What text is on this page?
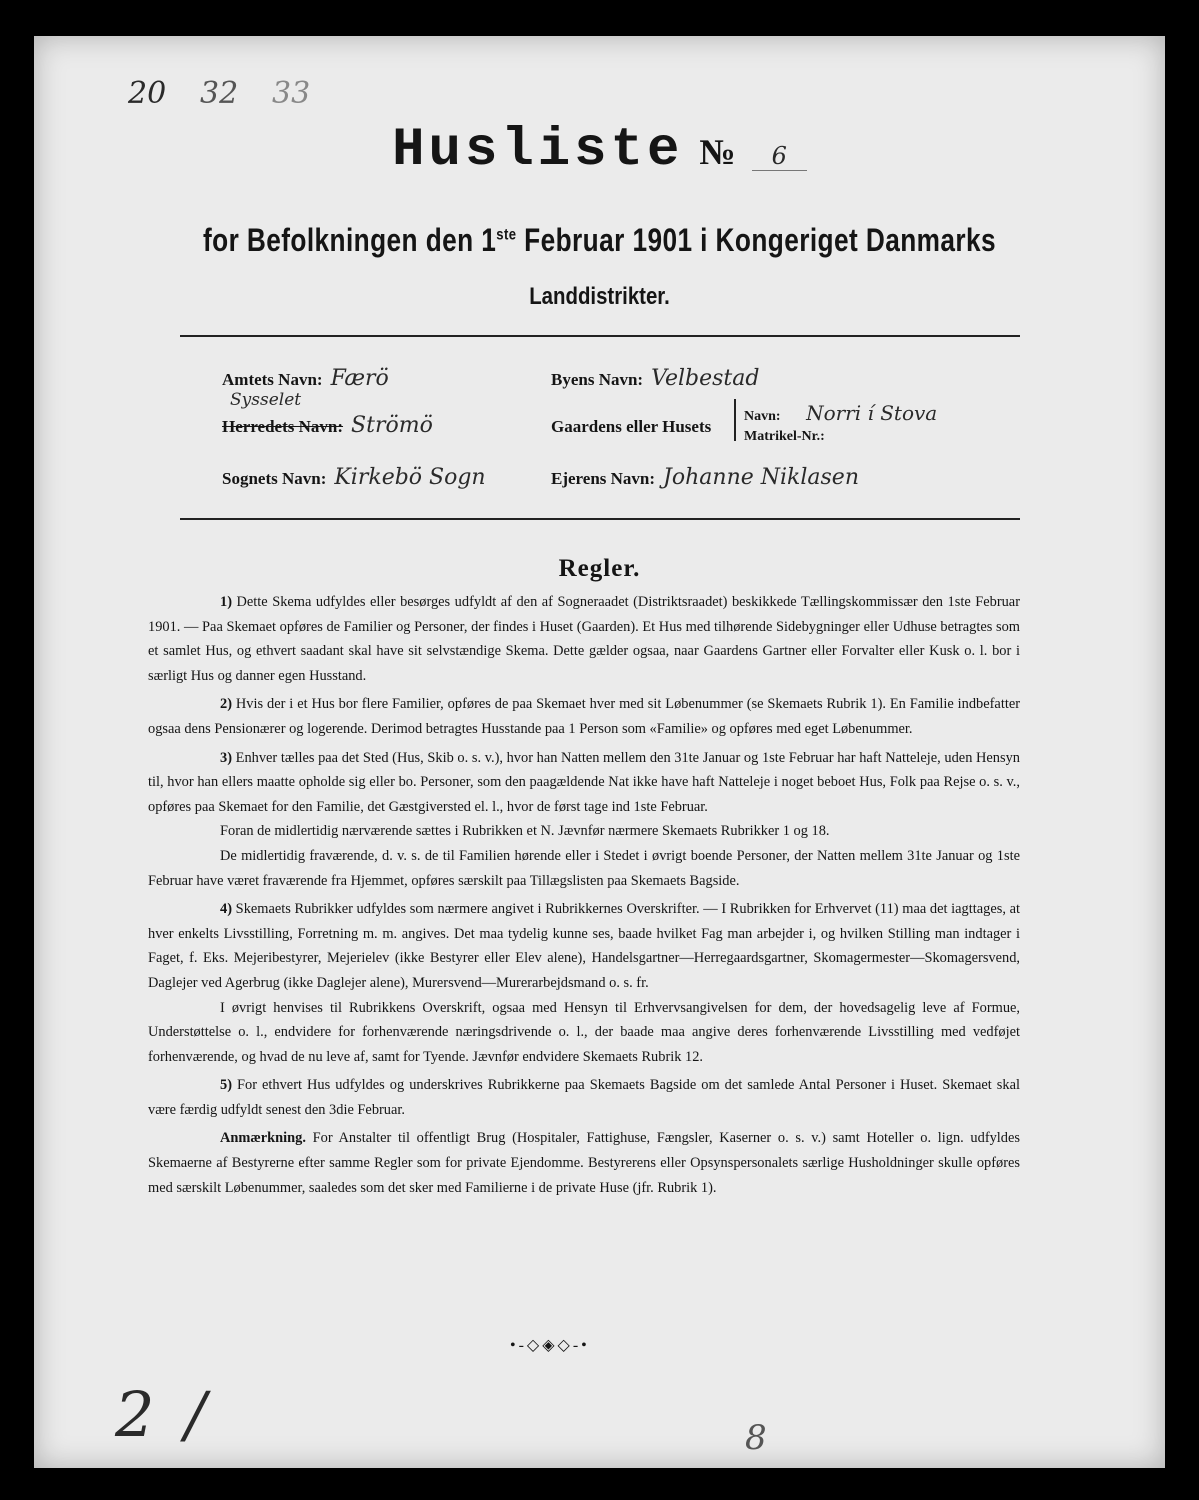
20 32 33
Husliste № 6
for Befolkningen den 1ste Februar 1901 i Kongeriget Danmarks
Landdistrikter.
Amtets Navn: Færö
Sysselet
Herredets Navn: Strömö
Sognets Navn: Kirkebö Sogn
Byens Navn: Velbestad
Gaardens eller Husets
Navn: Norri í Stova
Matrikel-Nr.:
Ejerens Navn: Johanne Niklasen
Regler.

1) Dette Skema udfyldes eller besørges udfyldt af den af Sogneraadet (Distriktsraadet) beskikkede Tællingskommissær den 1ste Februar 1901. — Paa Skemaet opføres de Familier og Personer, der findes i Huset (Gaarden). Et Hus med tilhørende Sidebygninger eller Udhuse betragtes som et samlet Hus, og ethvert saadant skal have sit selvstændige Skema. Dette gælder ogsaa, naar Gaardens Gartner eller Forvalter eller Kusk o. l. bor i særligt Hus og danner egen Husstand.

2) Hvis der i et Hus bor flere Familier, opføres de paa Skemaet hver med sit Løbenummer (se Skemaets Rubrik 1). En Familie indbefatter ogsaa dens Pensionærer og logerende. Derimod betragtes Husstande paa 1 Person som «Familie» og opføres med eget Løbenummer.

3) Enhver tælles paa det Sted (Hus, Skib o. s. v.), hvor han Natten mellem den 31te Januar og 1ste Februar har haft Natteleje, uden Hensyn til, hvor han ellers maatte opholde sig eller bo. Personer, som den paagældende Nat ikke have haft Natteleje i noget beboet Hus, Folk paa Rejse o. s. v., opføres paa Skemaet for den Familie, det Gæstgiversted el. l., hvor de først tage ind 1ste Februar.

Foran de midlertidig nærværende sættes i Rubrikken et N. Jævnfør nærmere Skemaets Rubrikker 1 og 18.

De midlertidig fraværende, d. v. s. de til Familien hørende eller i Stedet i øvrigt boende Personer, der Natten mellem 31te Januar og 1ste Februar have været fraværende fra Hjemmet, opføres særskilt paa Tillægslisten paa Skemaets Bagside.

4) Skemaets Rubrikker udfyldes som nærmere angivet i Rubrikkernes Overskrifter. — I Rubrikken for Erhvervet (11) maa det iagttages, at hver enkelts Livsstilling, Forretning m. m. angives. Det maa tydelig kunne ses, baade hvilket Fag man arbejder i, og hvilken Stilling man indtager i Faget, f. Eks. Mejeribestyrer, Mejerielev (ikke Bestyrer eller Elev alene), Handelsgartner—Herregaardsgartner, Skomagermester—Skomagersvend, Daglejer ved Agerbrug (ikke Daglejer alene), Murersvend—Murerarbejdsmand o. s. fr.

I øvrigt henvises til Rubrikkens Overskrift, ogsaa med Hensyn til Erhvervsangivelsen for dem, der hovedsagelig leve af Formue, Understøttelse o. l., endvidere for forhenværende næringsdrivende o. l., der baade maa angive deres forhenværende Livsstilling med vedføjet forhenværende, og hvad de nu leve af, samt for Tyende. Jævnfør endvidere Skemaets Rubrik 12.

5) For ethvert Hus udfyldes og underskrives Rubrikkerne paa Skemaets Bagside om det samlede Antal Personer i Huset. Skemaet skal være færdig udfyldt senest den 3die Februar.

Anmærkning. For Anstalter til offentligt Brug (Hospitaler, Fattighuse, Fængsler, Kaserner o. s. v.) samt Hoteller o. lign. udfyldes Skemaerne af Bestyrerne efter samme Regler som for private Ejendomme. Bestyrerens eller Opsynspersonalets særlige Husholdninger skulle opføres med særskilt Løbenummer, saaledes som det sker med Familierne i de private Huse (jfr. Rubrik 1).

•-◇◈◇-•
2 /	8
